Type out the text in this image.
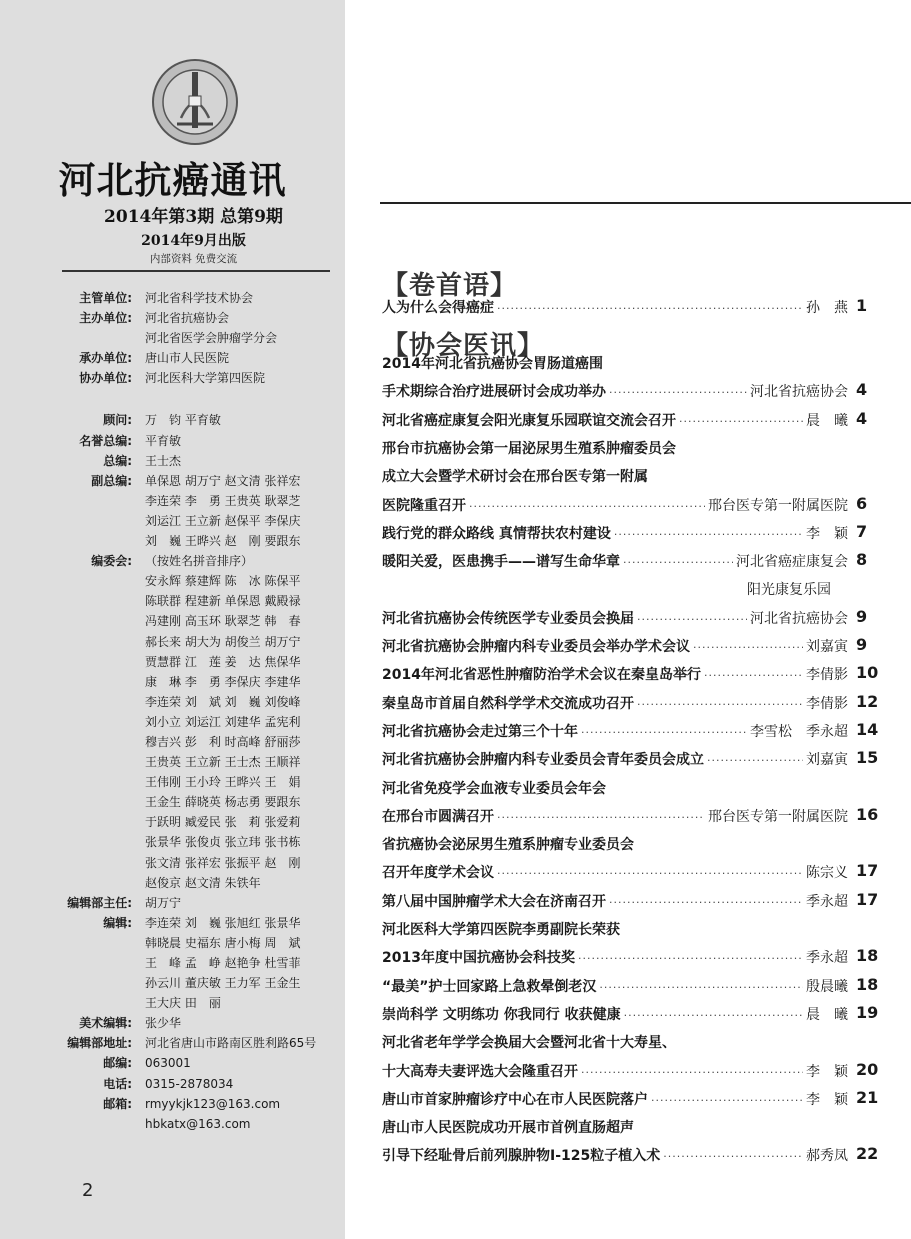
河北抗癌通讯
2014年第3期 总第9期
2014年9月出版
内部资料 免费交流
主管单位:	河北省科学技术协会
主办单位:	河北省抗癌协会
河北省医学会肿瘤学分会
承办单位:	唐山市人民医院
协办单位:	河北医科大学第四医院
顾问:	万　钧 平育敏
名誉总编:	平育敏
总编:	王士杰
副总编:	单保恩 胡万宁 赵文清 张祥宏
李连荣 李　勇 王贵英 耿翠芝
刘运江 王立新 赵保平 李保庆
刘　巍 王晔兴 赵　刚 要跟东
编委会:	（按姓名拼音排序）
安永辉 蔡建辉 陈　冰 陈保平
陈联群 程建新 单保恩 戴殿禄
冯建刚 高玉环 耿翠芝 韩　春
郝长来 胡大为 胡俊兰 胡万宁
贾慧群 江　莲 姜　达 焦保华
康　琳 李　勇 李保庆 李建华
李连荣 刘　斌 刘　巍 刘俊峰
刘小立 刘运江 刘建华 孟宪利
穆吉兴 彭　利 时高峰 舒丽莎
王贵英 王立新 王士杰 王顺祥
王伟刚 王小玲 王晔兴 王　娟
王金生 薛晓英 杨志勇 要跟东
于跃明 臧爱民 张　莉 张爱莉
张景华 张俊贞 张立玮 张书栋
张文清 张祥宏 张振平 赵　刚
赵俊京 赵文清 朱铁年
编辑部主任:	胡万宁
编辑:	李连荣 刘　巍 张旭红 张景华
韩晓晨 史福东 唐小梅 周　斌
王　峰 孟　峥 赵艳争 杜雪菲
孙云川 董庆敏 王力军 王金生
王大庆 田　丽
美术编辑:	张少华
编辑部地址:	河北省唐山市路南区胜利路65号
邮编:	063001
电话:	0315-2878034
邮箱:	rmyykjk123@163.com
hbkatx@163.com
2
【卷首语】
【协会医讯】
人为什么会得癌症 ·····	孙　燕 1
2014年河北省抗癌协会胃肠道癌围
手术期综合治疗进展研讨会成功举办 ·····	河北省抗癌协会 4
河北省癌症康复会阳光康复乐园联谊交流会召开 ·····	晨　曦 4
邢台市抗癌协会第一届泌尿男生殖系肿瘤委员会
成立大会暨学术研讨会在邢台医专第一附属
医院隆重召开 ·····	邢台医专第一附属医院 6
践行党的群众路线 真情帮扶农村建设 ·····	李　颖 7
暖阳关爱，医患携手——谱写生命华章 ·····	河北省癌症康复会 8
阳光康复乐园
河北省抗癌协会传统医学专业委员会换届 ·····	河北省抗癌协会 9
河北省抗癌协会肿瘤内科专业委员会举办学术会议 ·····	刘嘉寅 9
2014年河北省恶性肿瘤防治学术会议在秦皇岛举行 ·····	李倩影 10
秦皇岛市首届自然科学学术交流成功召开 ·····	李倩影 12
河北省抗癌协会走过第三个十年 ·····	李雪松　季永超 14
河北省抗癌协会肿瘤内科专业委员会青年委员会成立 ·····	刘嘉寅 15
河北省免疫学会血液专业委员会年会
在邢台市圆满召开 ·····	邢台医专第一附属医院 16
省抗癌协会泌尿男生殖系肿瘤专业委员会
召开年度学术会议 ·····	陈宗义 17
第八届中国肿瘤学术大会在济南召开 ·····	季永超 17
河北医科大学第四医院李勇副院长荣获
2013年度中国抗癌协会科技奖 ·····	季永超 18
“最美”护士回家路上急救晕倒老汉 ·····	殷晨曦 18
崇尚科学 文明练功 你我同行 收获健康 ·····	晨　曦 19
河北省老年学学会换届大会暨河北省十大寿星、
十大高寿夫妻评选大会隆重召开 ·····	李　颖 20
唐山市首家肿瘤诊疗中心在市人民医院落户 ·····	李　颖 21
唐山市人民医院成功开展市首例直肠超声
引导下经耻骨后前列腺肿物I-125粒子植入术 ·····	郝秀凤 22
